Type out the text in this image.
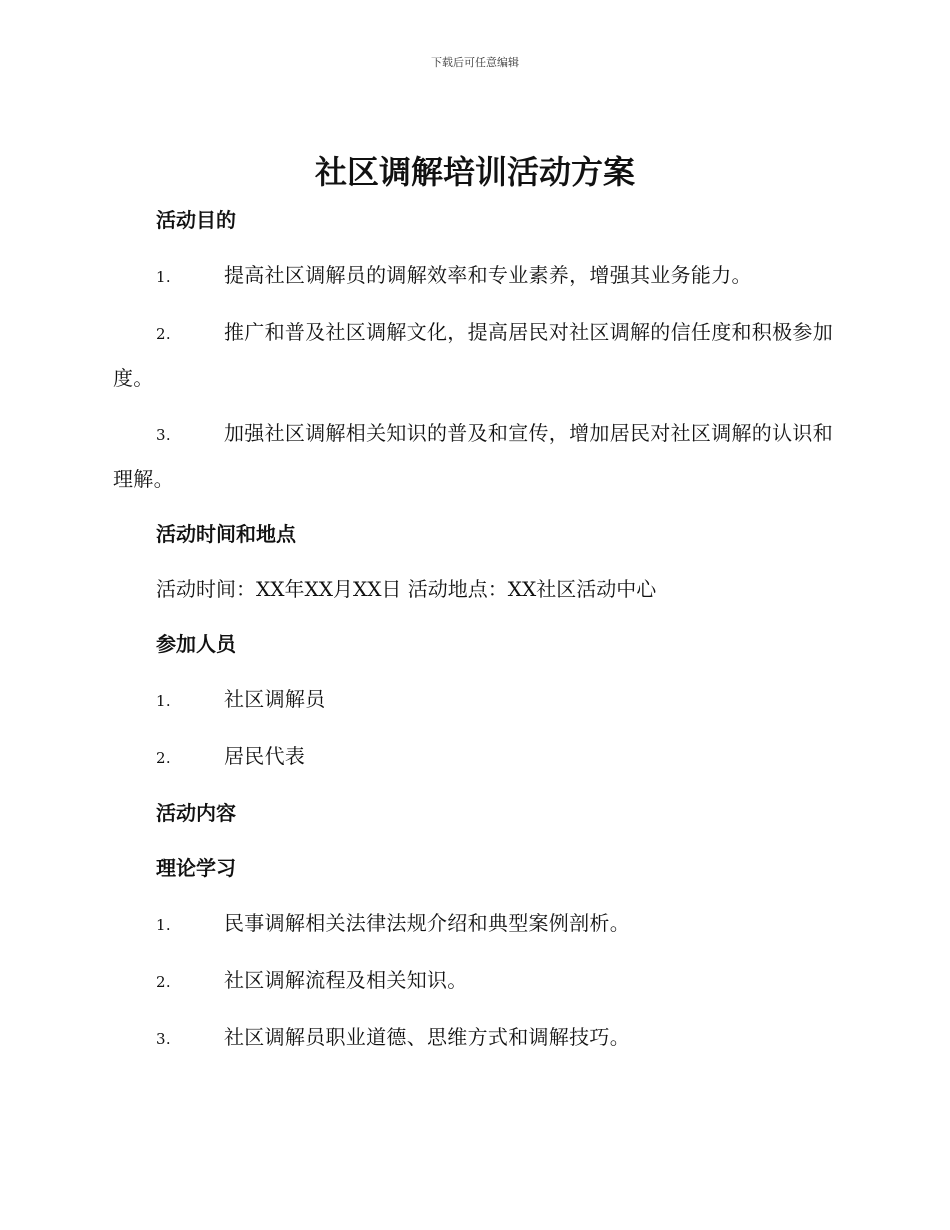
下载后可任意编辑
社区调解培训活动方案
活动目的
1.	提高社区调解员的调解效率和专业素养，增强其业务能力。
2.	推广和普及社区调解文化，提高居民对社区调解的信任度和积极参加度。
3.	加强社区调解相关知识的普及和宣传，增加居民对社区调解的认识和理解。
活动时间和地点
活动时间：XX年XX月XX日 活动地点：XX社区活动中心
参加人员
1.	社区调解员
2.	居民代表
活动内容
理论学习
1.	民事调解相关法律法规介绍和典型案例剖析。
2.	社区调解流程及相关知识。
3.	社区调解员职业道德、思维方式和调解技巧。
